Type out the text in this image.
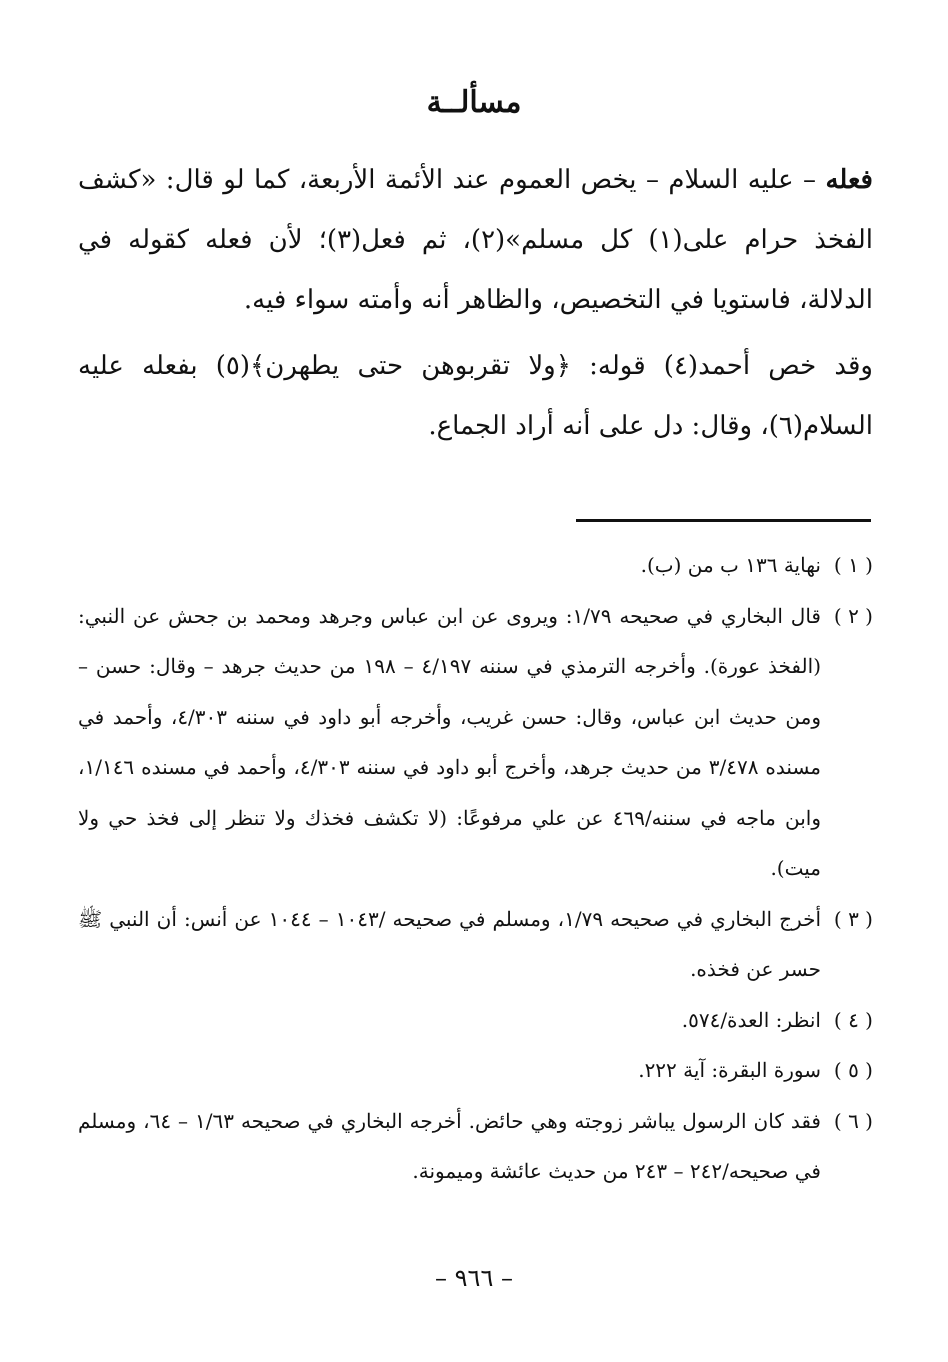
مسألــة

فعله – عليه السلام – يخص العموم عند الأئمة الأربعة، كما لو قال: «كشف الفخذ حرام على(١) كل مسلم»(٢)، ثم فعل(٣)؛ لأن فعله كقوله في الدلالة، فاستويا في التخصيص، والظاهر أنه وأمته سواء فيه.

وقد خص أحمد(٤) قوله: ﴿ولا تقربوهن حتى يطهرن﴾(٥) بفعله عليه السلام(٦)، وقال: دل على أنه أراد الجماع.

( ١ )
نهاية ١٣٦ ب من (ب).

( ٢ )
قال البخاري في صحيحه ١/٧٩: ويروى عن ابن عباس وجرهد ومحمد بن جحش عن النبي: (الفخذ عورة). وأخرجه الترمذي في سننه ٤/١٩٧ – ١٩٨ من حديث جرهد – وقال: حسن – ومن حديث ابن عباس، وقال: حسن غريب، وأخرجه أبو داود في سننه ٤/٣٠٣، وأحمد في مسنده ٣/٤٧٨ من حديث جرهد، وأخرج أبو داود في سننه ٤/٣٠٣، وأحمد في مسنده ١/١٤٦، وابن ماجه في سننه/٤٦٩ عن علي مرفوعًا: (لا تكشف فخذك ولا تنظر إلى فخذ حي ولا ميت).

( ٣ )
أخرج البخاري في صحيحه ١/٧٩، ومسلم في صحيحه /١٠٤٣ – ١٠٤٤ عن أنس: أن النبي ﷺ حسر عن فخذه.

( ٤ )
انظر: العدة/٥٧٤.

( ٥ )
سورة البقرة: آية ٢٢٢.

( ٦ )
فقد كان الرسول يباشر زوجته وهي حائض. أخرجه البخاري في صحيحه ١/٦٣ – ٦٤، ومسلم في صحيحه/٢٤٢ – ٢٤٣ من حديث عائشة وميمونة.

– ٩٦٦ –
